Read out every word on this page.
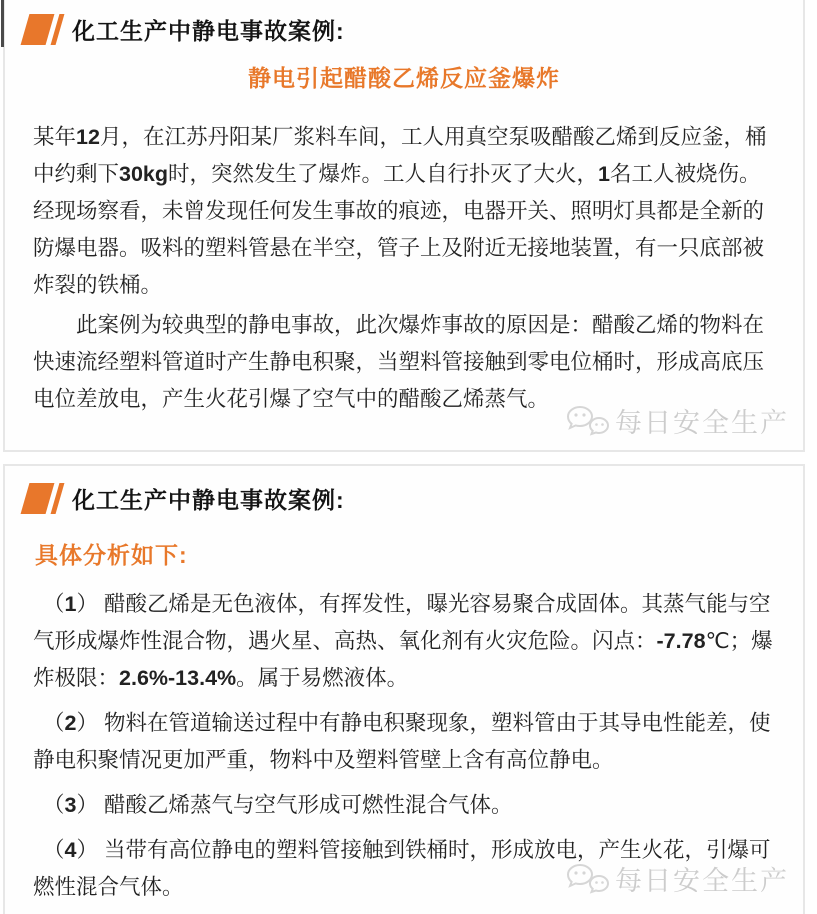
化工生产中静电事故案例:
静电引起醋酸乙烯反应釜爆炸

某年12月，在江苏丹阳某厂浆料车间，工人用真空泵吸醋酸乙烯到反应釜，桶中约剩下30kg时，突然发生了爆炸。工人自行扑灭了大火，1名工人被烧伤。经现场察看，未曾发现任何发生事故的痕迹，电器开关、照明灯具都是全新的防爆电器。吸料的塑料管悬在半空，管子上及附近无接地装置，有一只底部被炸裂的铁桶。

此案例为较典型的静电事故，此次爆炸事故的原因是：醋酸乙烯的物料在快速流经塑料管道时产生静电积聚，当塑料管接触到零电位桶时，形成高底压电位差放电，产生火花引爆了空气中的醋酸乙烯蒸气。

每日安全生产
化工生产中静电事故案例:
具体分析如下:

（1） 醋酸乙烯是无色液体，有挥发性，曝光容易聚合成固体。其蒸气能与空气形成爆炸性混合物，遇火星、高热、氧化剂有火灾危险。闪点：-7.78℃；爆炸极限：2.6%-13.4%。属于易燃液体。

（2） 物料在管道输送过程中有静电积聚现象，塑料管由于其导电性能差，使静电积聚情况更加严重，物料中及塑料管壁上含有高位静电。

（3） 醋酸乙烯蒸气与空气形成可燃性混合气体。

（4） 当带有高位静电的塑料管接触到铁桶时，形成放电，产生火花，引爆可燃性混合气体。	每日安全生产
